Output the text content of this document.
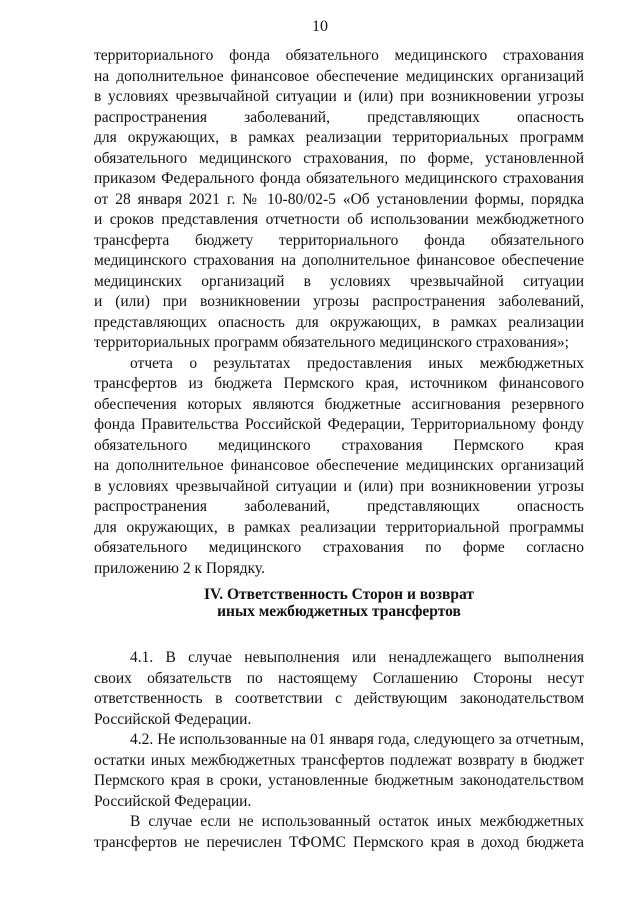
10
территориального фонда обязательного медицинского страхования
на дополнительное финансовое обеспечение медицинских организаций
в условиях чрезвычайной ситуации и (или) при возникновении угрозы
распространения заболеваний, представляющих опасность
для окружающих, в рамках реализации территориальных программ
обязательного медицинского страхования, по форме, установленной
приказом Федерального фонда обязательного медицинского страхования
от 28 января 2021 г. № 10-80/02-5 «Об установлении формы, порядка
и сроков представления отчетности об использовании межбюджетного
трансферта бюджету территориального фонда обязательного
медицинского страхования на дополнительное финансовое обеспечение
медицинских организаций в условиях чрезвычайной ситуации
и (или) при возникновении угрозы распространения заболеваний,
представляющих опасность для окружающих, в рамках реализации
территориальных программ обязательного медицинского страхования»;
отчета о результатах предоставления иных межбюджетных
трансфертов из бюджета Пермского края, источником финансового
обеспечения которых являются бюджетные ассигнования резервного
фонда Правительства Российской Федерации, Территориальному фонду
обязательного медицинского страхования Пермского края
на дополнительное финансовое обеспечение медицинских организаций
в условиях чрезвычайной ситуации и (или) при возникновении угрозы
распространения заболеваний, представляющих опасность
для окружающих, в рамках реализации территориальной программы
обязательного медицинского страхования по форме согласно
приложению 2 к Порядку.
IV. Ответственность Сторон и возврат
иных межбюджетных трансфертов
4.1. В случае невыполнения или ненадлежащего выполнения
своих обязательств по настоящему Соглашению Стороны несут
ответственность в соответствии с действующим законодательством
Российской Федерации.
4.2. Не использованные на 01 января года, следующего за отчетным,
остатки иных межбюджетных трансфертов подлежат возврату в бюджет
Пермского края в сроки, установленные бюджетным законодательством
Российской Федерации.
В случае если не использованный остаток иных межбюджетных
трансфертов не перечислен ТФОМС Пермского края в доход бюджета
